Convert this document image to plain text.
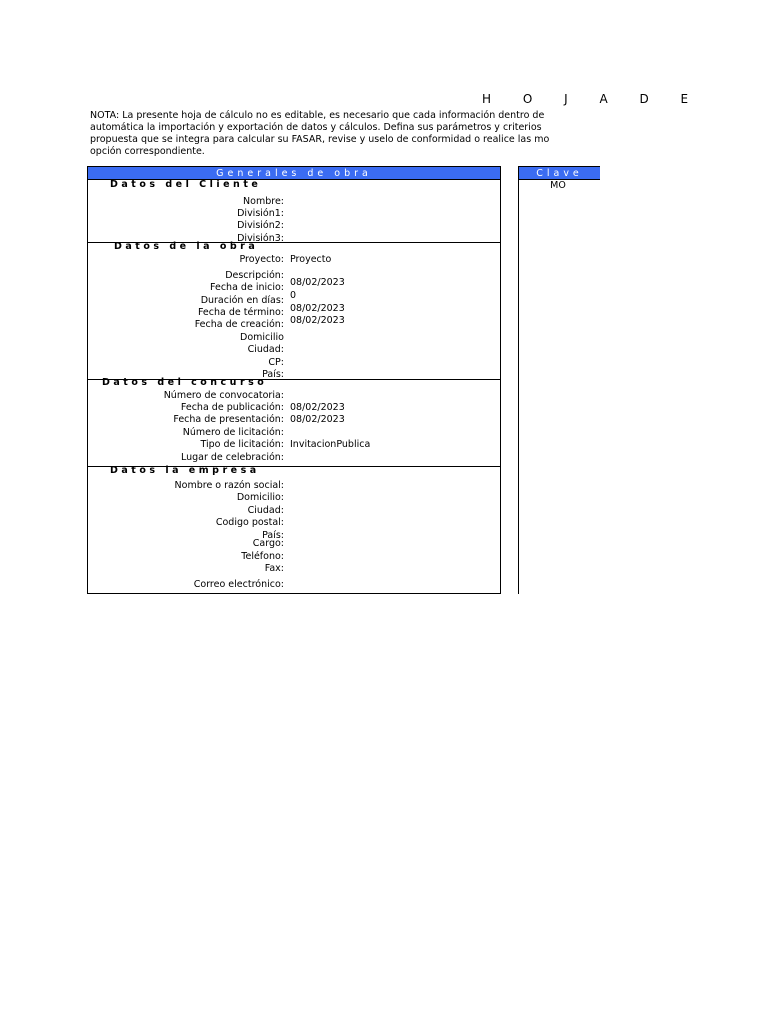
H O J A D E
NOTA: La presente hoja de cálculo no es editable, es necesario que cada información dentro de
automática la importación y exportación de datos y cálculos. Defina sus parámetros y criterios
propuesta que se integra para calcular su FASAR, revise y uselo de conformidad o realice las mo
opción correspondiente.
Generales de obra	Clave
MO
Datos del Cliente
Nombre:
División1:
División2:
División3:
Datos de la obra
Proyecto: Proyecto
Descripción:
Fecha de inicio: 08/02/2023
Duración en días: 0
Fecha de término: 08/02/2023
Fecha de creación: 08/02/2023
Domicilio
Ciudad:
CP:
País:
Datos del concurso
Número de convocatoria:
Fecha de publicación: 08/02/2023
Fecha de presentación: 08/02/2023
Número de licitación:
Tipo de licitación: InvitacionPublica
Lugar de celebración:
Datos la empresa
Nombre o razón social:
Domicilio:
Ciudad:
Codigo postal:
País:
Cargo:
Teléfono:
Fax:
Correo electrónico:
